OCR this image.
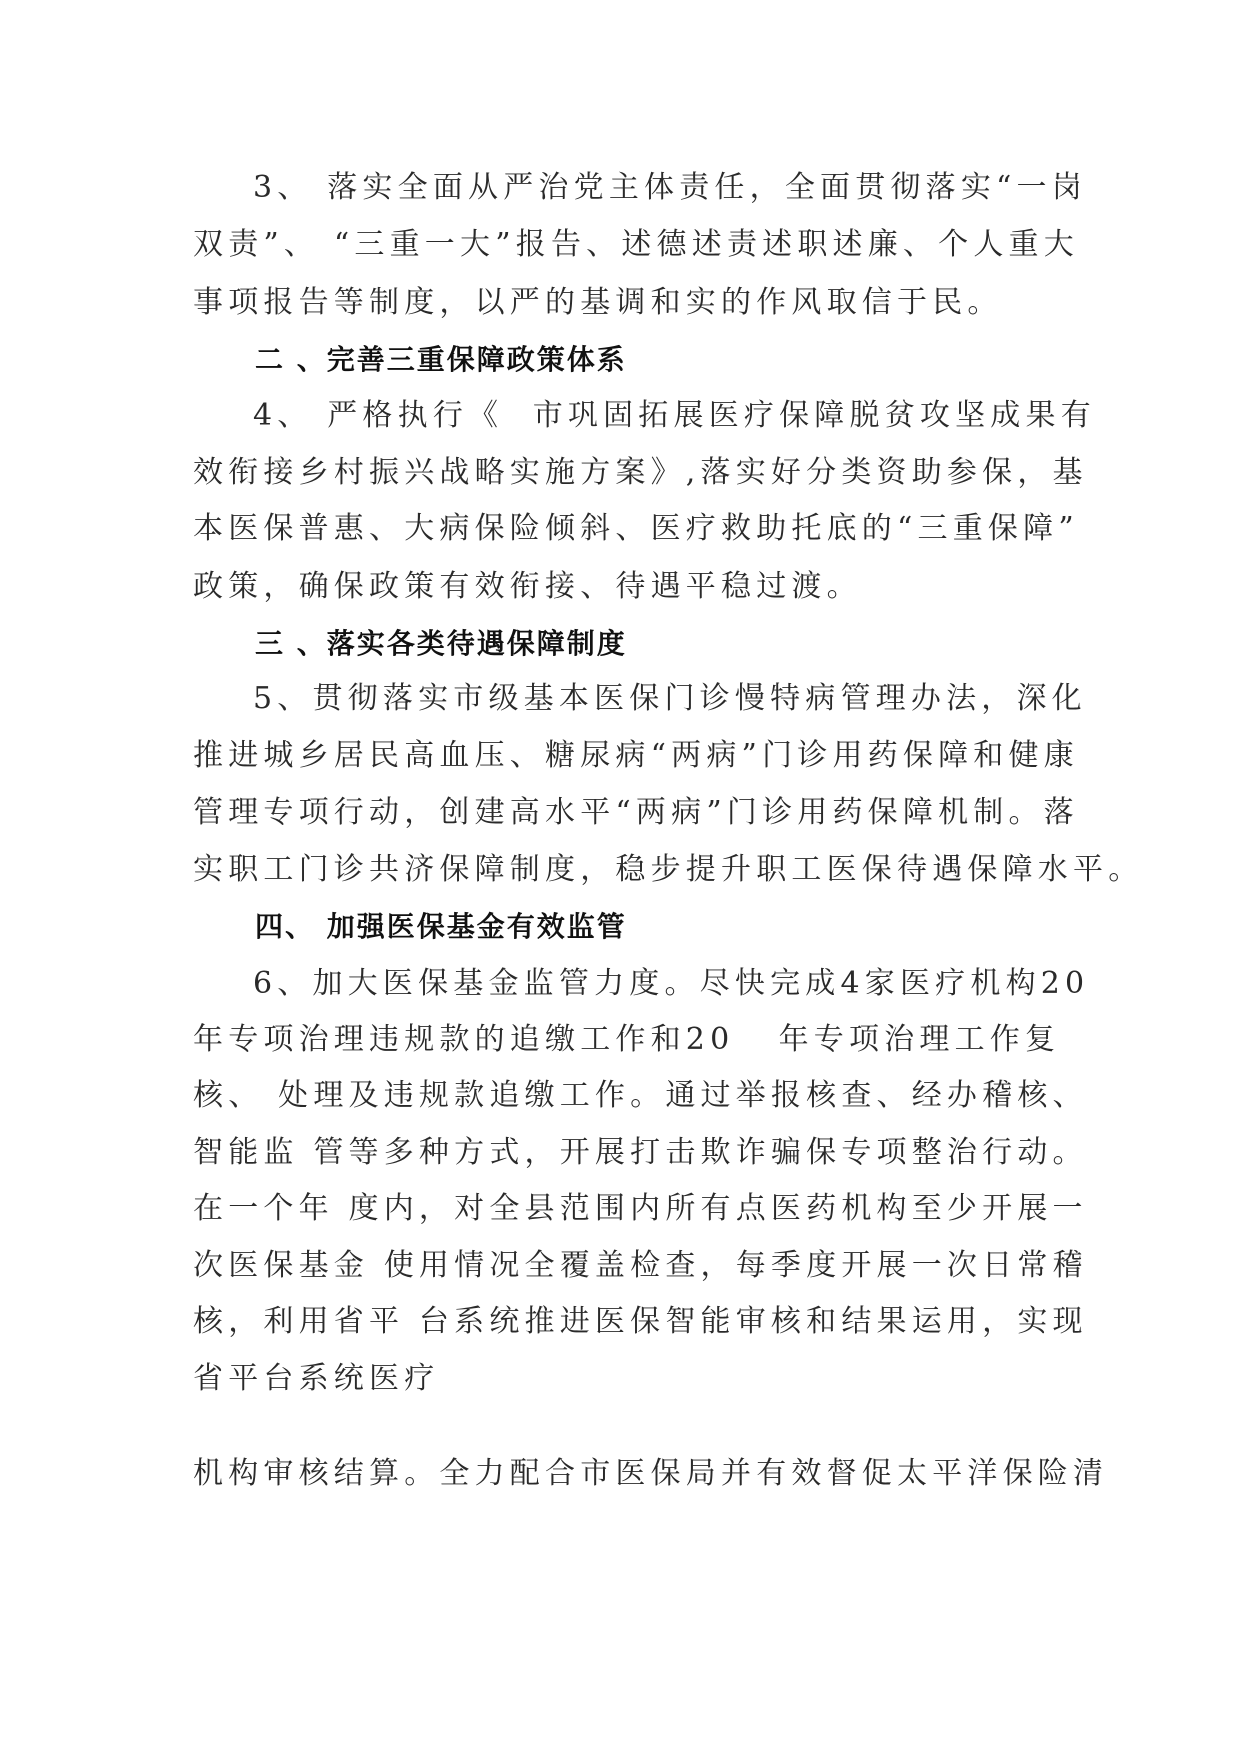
3、 落实全面从严治党主体责任，全面贯彻落实“一岗
双责”、 “三重一大”报告、述德述责述职述廉、个人重大
事项报告等制度，以严的基调和实的作风取信于民。
二 、完善三重保障政策体系
4、 严格执行《  市巩固拓展医疗保障脱贫攻坚成果有
效衔接乡村振兴战略实施方案》,落实好分类资助参保，基
本医保普惠、大病保险倾斜、医疗救助托底的“三重保障”
政策，确保政策有效衔接、待遇平稳过渡。
三 、落实各类待遇保障制度
5、贯彻落实市级基本医保门诊慢特病管理办法，深化
推进城乡居民高血压、糖尿病“两病”门诊用药保障和健康
管理专项行动，创建高水平“两病”门诊用药保障机制。落
实职工门诊共济保障制度，稳步提升职工医保待遇保障水平。
四、 加强医保基金有效监管
6、加大医保基金监管力度。尽快完成4家医疗机构20
年专项治理违规款的追缴工作和20   年专项治理工作复
核、 处理及违规款追缴工作。通过举报核查、经办稽核、
智能监 管等多种方式，开展打击欺诈骗保专项整治行动。
在一个年 度内，对全县范围内所有点医药机构至少开展一
次医保基金 使用情况全覆盖检查，每季度开展一次日常稽
核，利用省平 台系统推进医保智能审核和结果运用，实现
省平台系统医疗
机构审核结算。全力配合市医保局并有效督促太平洋保险清
